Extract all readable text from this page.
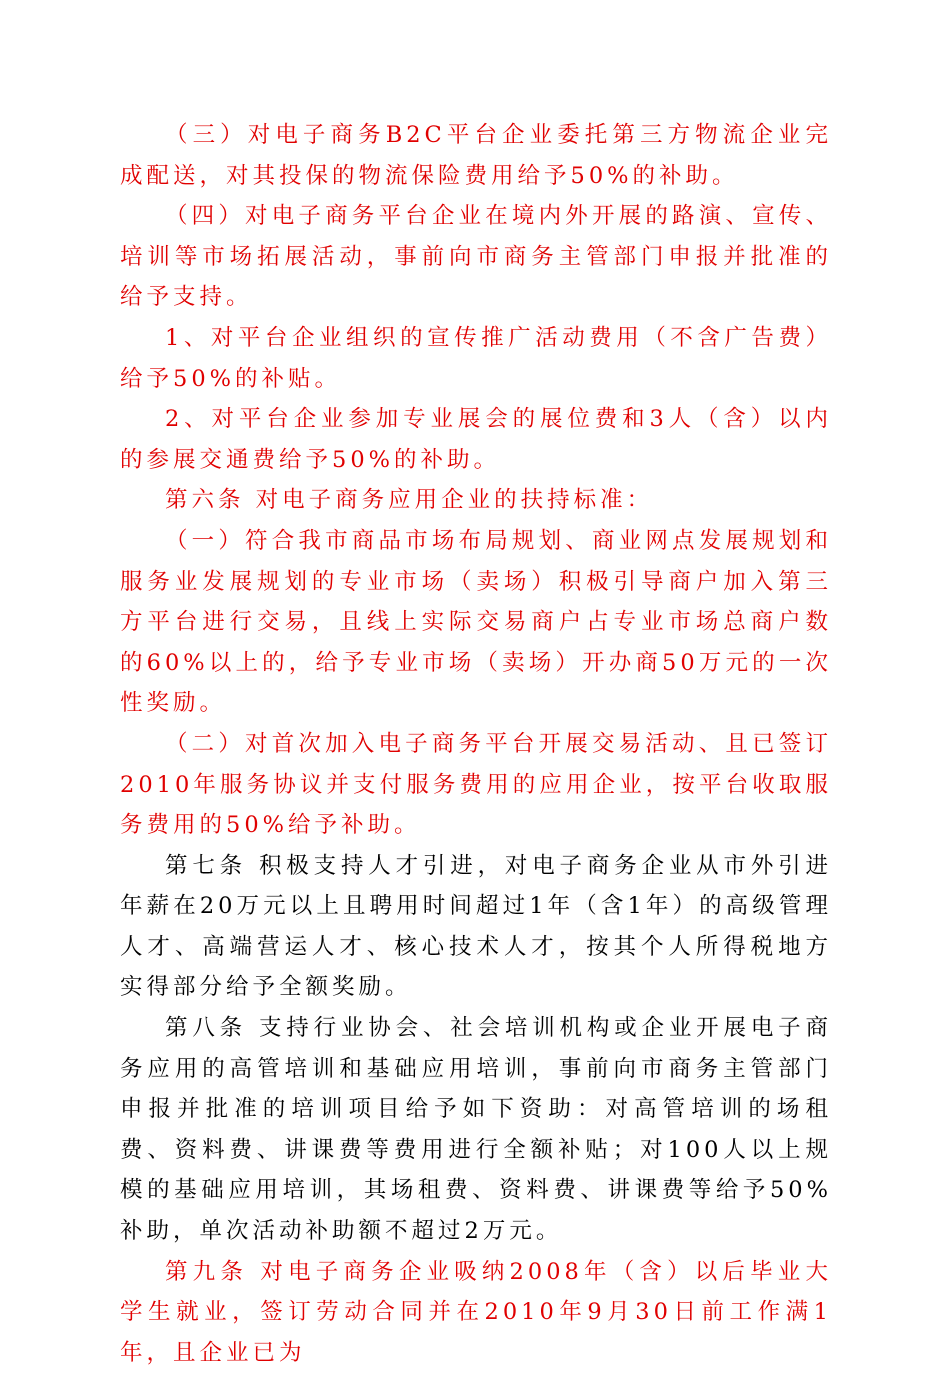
（三）对电子商务B2C平台企业委托第三方物流企业完成配送，对其投保的物流保险费用给予50%的补助。

（四）对电子商务平台企业在境内外开展的路演、宣传、培训等市场拓展活动，事前向市商务主管部门申报并批准的给予支持。

1、对平台企业组织的宣传推广活动费用（不含广告费）给予50%的补贴。

2、对平台企业参加专业展会的展位费和3人（含）以内的参展交通费给予50%的补助。

第六条 对电子商务应用企业的扶持标准：

（一）符合我市商品市场布局规划、商业网点发展规划和服务业发展规划的专业市场（卖场）积极引导商户加入第三方平台进行交易，且线上实际交易商户占专业市场总商户数的60%以上的，给予专业市场（卖场）开办商50万元的一次性奖励。

（二）对首次加入电子商务平台开展交易活动、且已签订2010年服务协议并支付服务费用的应用企业，按平台收取服务费用的50%给予补助。

第七条 积极支持人才引进，对电子商务企业从市外引进年薪在20万元以上且聘用时间超过1年（含1年）的高级管理人才、高端营运人才、核心技术人才，按其个人所得税地方实得部分给予全额奖励。

第八条 支持行业协会、社会培训机构或企业开展电子商务应用的高管培训和基础应用培训，事前向市商务主管部门申报并批准的培训项目给予如下资助：对高管培训的场租费、资料费、讲课费等费用进行全额补贴；对100人以上规模的基础应用培训，其场租费、资料费、讲课费等给予50%补助，单次活动补助额不超过2万元。

第九条 对电子商务企业吸纳2008年（含）以后毕业大学生就业，签订劳动合同并在2010年9月30日前工作满1年，且企业已为
